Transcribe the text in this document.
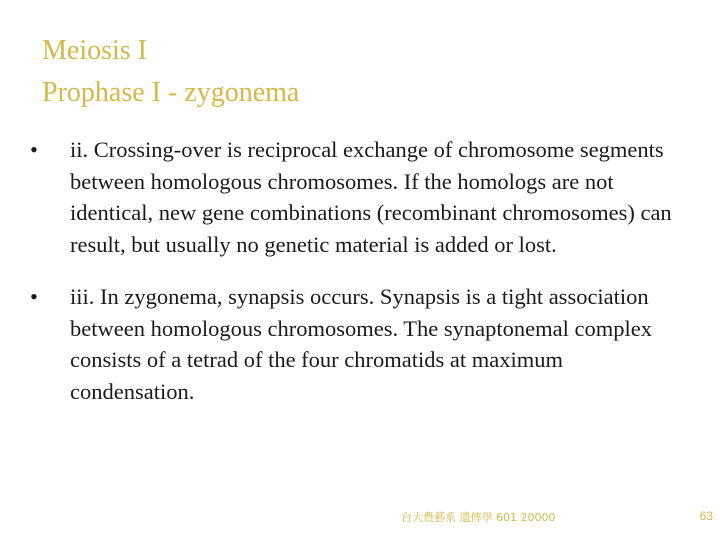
Meiosis I
Prophase I - zygonema
• ii. Crossing-over is reciprocal exchange of chromosome segments between homologous chromosomes. If the homologs are not identical, new gene combinations (recombinant chromosomes) can result, but usually no genetic material is added or lost.
• iii. In zygonema, synapsis occurs. Synapsis is a tight association between homologous chromosomes. The synaptonemal complex consists of a tetrad of the four chromatids at maximum condensation.
台大農藝系 遺傳學 601 20000	63
